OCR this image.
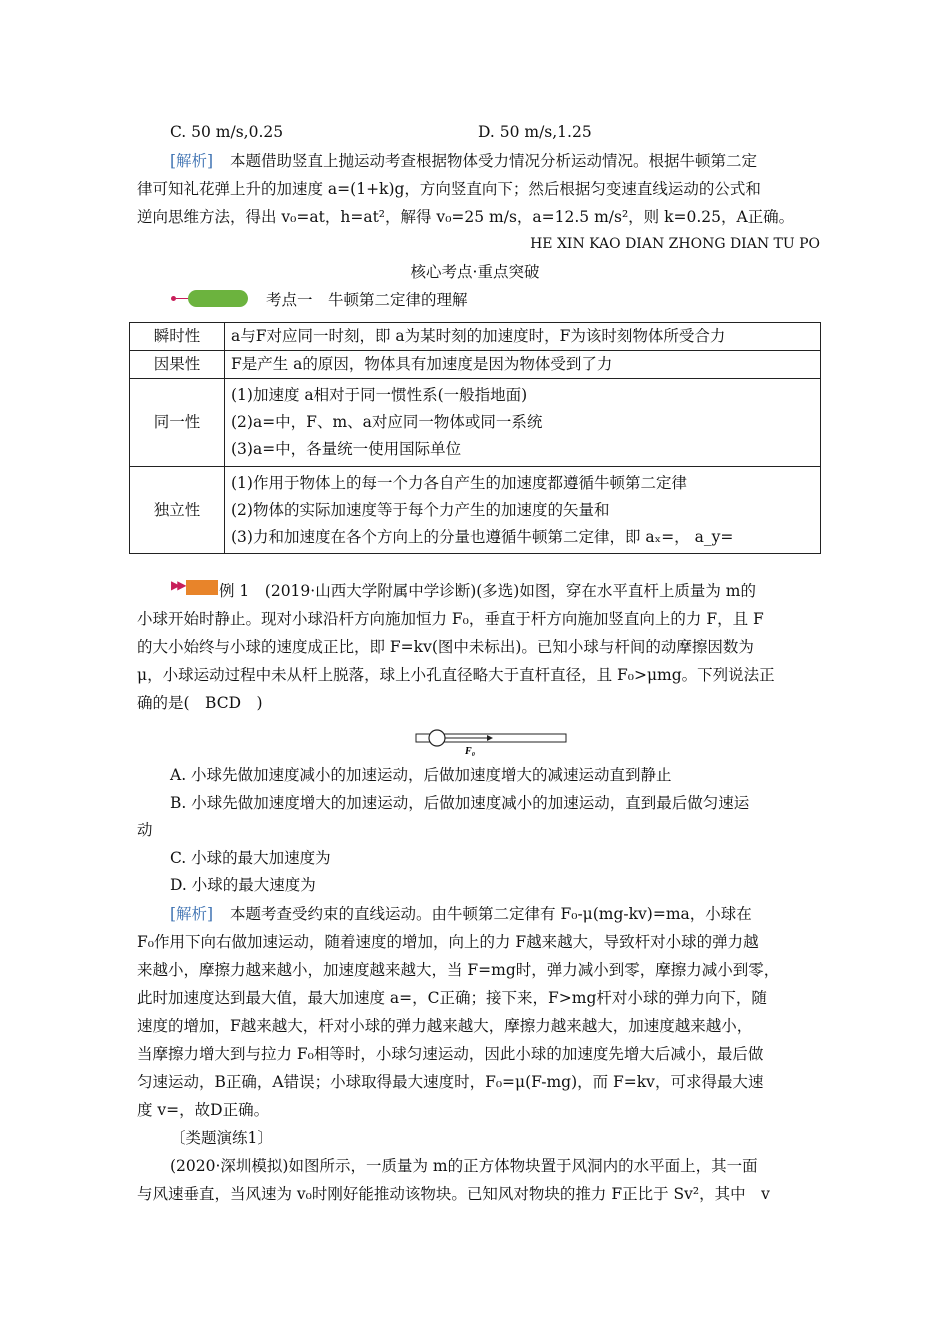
C. 50 m/s,0.25	D. 50 m/s,1.25
[解析] 本题借助竖直上抛运动考查根据物体受力情况分析运动情况。根据牛顿第二定
律可知礼花弹上升的加速度 a=(1+k)g，方向竖直向下；然后根据匀变速直线运动的公式和
逆向思维方法，得出 v₀=at，h=at²，解得 v₀=25 m/s，a=12.5 m/s²，则 k=0.25，A正确。
HE XIN KAO DIAN ZHONG DIAN TU PO
核心考点·重点突破
考点一　牛顿第二定律的理解
瞬时性	a与F对应同一时刻，即 a为某时刻的加速度时，F为该时刻物体所受合力

因果性	F是产生 a的原因，物体具有加速度是因为物体受到了力

同一性	(1)加速度 a相对于同一惯性系(一般指地面)
(2)a=中，F、m、a对应同一物体或同一系统
(3)a=中，各量统一使用国际单位

独立性	(1)作用于物体上的每一个力各自产生的加速度都遵循牛顿第二定律
(2)物体的实际加速度等于每个力产生的加速度的矢量和
(3)力和加速度在各个方向上的分量也遵循牛顿第二定律，即 aₓ=， a_y=
▶▶ 例 1　(2019·山西大学附属中学诊断)(多选)如图，穿在水平直杆上质量为 m的
小球开始时静止。现对小球沿杆方向施加恒力 F₀，垂直于杆方向施加竖直向上的力 F，且 F
的大小始终与小球的速度成正比，即 F=kv(图中未标出)。已知小球与杆间的动摩擦因数为
μ，小球运动过程中未从杆上脱落，球上小孔直径略大于直杆直径，且 F₀>μmg。下列说法正
确的是(　BCD　)
F₀
A. 小球先做加速度减小的加速运动，后做加速度增大的减速运动直到静止
B. 小球先做加速度增大的加速运动，后做加速度减小的加速运动，直到最后做匀速运
动
C. 小球的最大加速度为
D. 小球的最大速度为
[解析] 本题考查受约束的直线运动。由牛顿第二定律有 F₀-μ(mg-kv)=ma，小球在
F₀作用下向右做加速运动，随着速度的增加，向上的力 F越来越大，导致杆对小球的弹力越
来越小，摩擦力越来越小，加速度越来越大，当 F=mg时，弹力减小到零，摩擦力减小到零，
此时加速度达到最大值，最大加速度 a=，C正确；接下来，F>mg杆对小球的弹力向下，随
速度的增加，F越来越大，杆对小球的弹力越来越大，摩擦力越来越大，加速度越来越小，
当摩擦力增大到与拉力 F₀相等时，小球匀速运动，因此小球的加速度先增大后减小，最后做
匀速运动，B正确，A错误；小球取得最大速度时，F₀=μ(F-mg)，而 F=kv，可求得最大速
度 v=，故D正确。
〔类题演练1〕
(2020·深圳模拟)如图所示，一质量为 m的正方体物块置于风洞内的水平面上，其一面
与风速垂直，当风速为 v₀时刚好能推动该物块。已知风对物块的推力 F正比于 Sv²，其中　v
